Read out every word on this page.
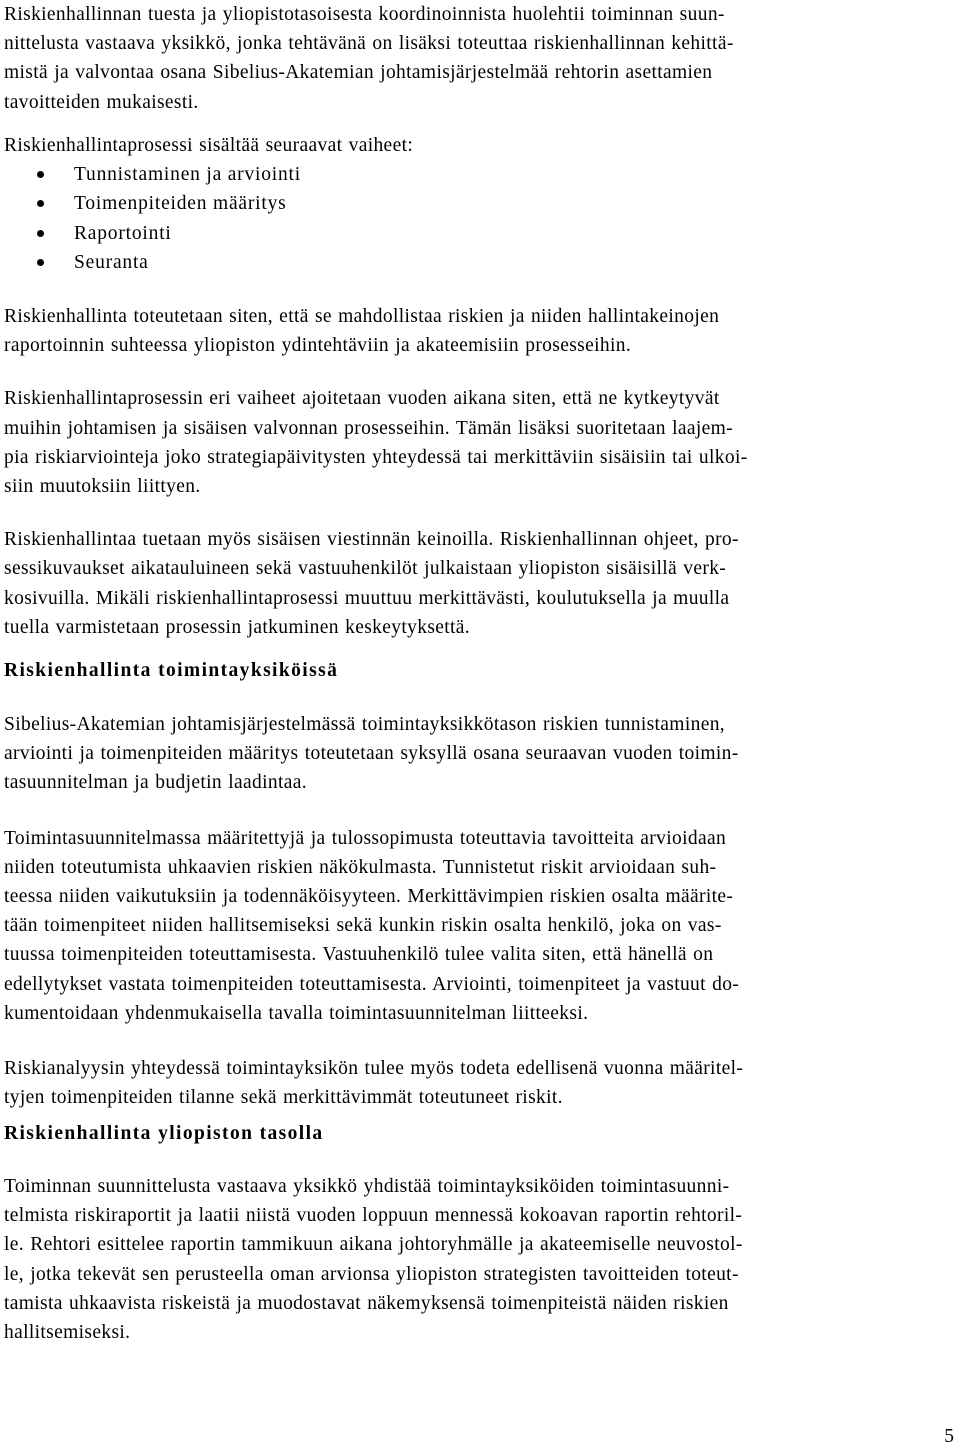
Riskienhallinnan tuesta ja yliopistotasoisesta koordinoinnista huolehtii toiminnan suun-
nittelusta vastaava yksikkö, jonka tehtävänä on lisäksi toteuttaa riskienhallinnan kehittä-
mistä ja valvontaa osana Sibelius-Akatemian johtamisjärjestelmää rehtorin asettamien
tavoitteiden mukaisesti.
Riskienhallintaprosessi sisältää seuraavat vaiheet:
Tunnistaminen ja arviointi
Toimenpiteiden määritys
Raportointi
Seuranta
Riskienhallinta toteutetaan siten, että se mahdollistaa riskien ja niiden hallintakeinojen
raportoinnin suhteessa yliopiston ydintehtäviin ja akateemisiin prosesseihin.
Riskienhallintaprosessin eri vaiheet ajoitetaan vuoden aikana siten, että ne kytkeytyvät
muihin johtamisen ja sisäisen valvonnan prosesseihin. Tämän lisäksi suoritetaan laajem-
pia riskiarviointeja joko strategiapäivitysten yhteydessä tai merkittäviin sisäisiin tai ulkoi-
siin muutoksiin liittyen.
Riskienhallintaa tuetaan myös sisäisen viestinnän keinoilla. Riskienhallinnan ohjeet, pro-
sessikuvaukset aikatauluineen sekä vastuuhenkilöt julkaistaan yliopiston sisäisillä verk-
kosivuilla. Mikäli riskienhallintaprosessi muuttuu merkittävästi, koulutuksella ja muulla
tuella varmistetaan prosessin jatkuminen keskeytyksettä.
Riskienhallinta toimintayksiköissä
Sibelius-Akatemian johtamisjärjestelmässä toimintayksikkötason riskien tunnistaminen,
arviointi ja toimenpiteiden määritys toteutetaan syksyllä osana seuraavan vuoden toimin-
tasuunnitelman ja budjetin laadintaa.
Toimintasuunnitelmassa määritettyjä ja tulossopimusta toteuttavia tavoitteita arvioidaan
niiden toteutumista uhkaavien riskien näkökulmasta. Tunnistetut riskit arvioidaan suh-
teessa niiden vaikutuksiin ja todennäköisyyteen. Merkittävimpien riskien osalta määrite-
tään toimenpiteet niiden hallitsemiseksi sekä kunkin riskin osalta henkilö, joka on vas-
tuussa toimenpiteiden toteuttamisesta. Vastuuhenkilö tulee valita siten, että hänellä on
edellytykset vastata toimenpiteiden toteuttamisesta. Arviointi, toimenpiteet ja vastuut do-
kumentoidaan yhdenmukaisella tavalla toimintasuunnitelman liitteeksi.
Riskianalyysin yhteydessä toimintayksikön tulee myös todeta edellisenä vuonna määritel-
tyjen toimenpiteiden tilanne sekä merkittävimmät toteutuneet riskit.
Riskienhallinta yliopiston tasolla
Toiminnan suunnittelusta vastaava yksikkö yhdistää toimintayksiköiden toimintasuunni-
telmista riskiraportit ja laatii niistä vuoden loppuun mennessä kokoavan raportin rehtoril-
le. Rehtori esittelee raportin tammikuun aikana johtoryhmälle ja akateemiselle neuvostol-
le, jotka tekevät sen perusteella oman arvionsa yliopiston strategisten tavoitteiden toteut-
tamista uhkaavista riskeistä ja muodostavat näkemyksensä toimenpiteistä näiden riskien
hallitsemiseksi.
5
